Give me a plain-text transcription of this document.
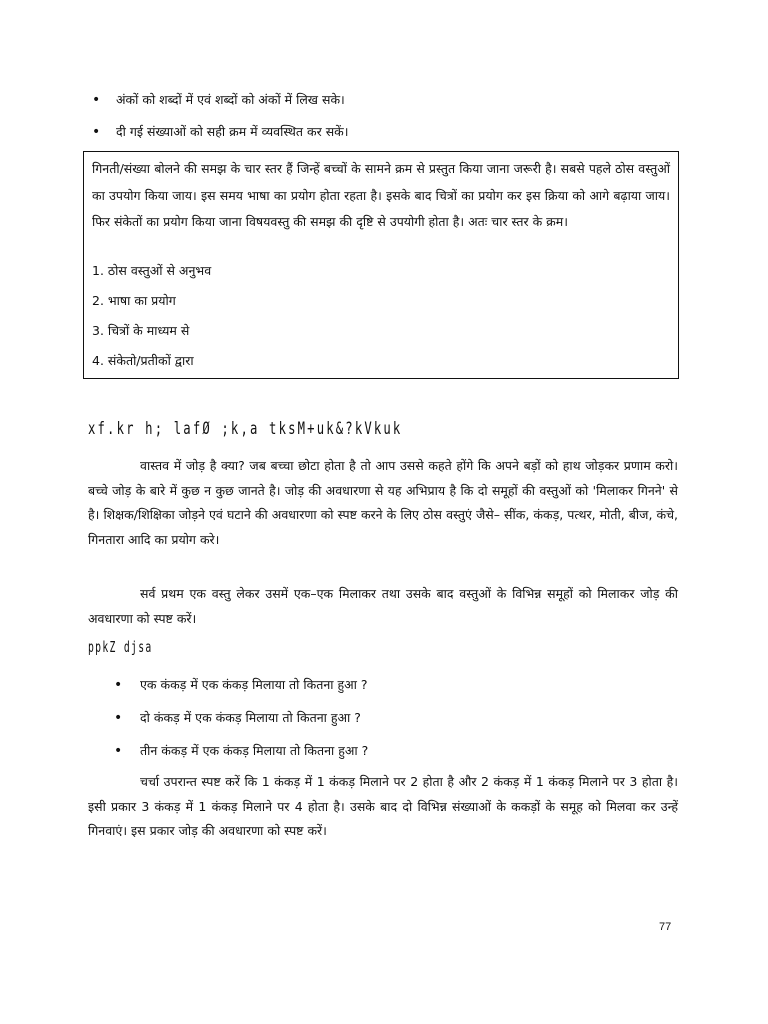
• अंकों को शब्दों में एवं शब्दों को अंकों में लिख सके।
• दी गई संख्याओं को सही क्रम में व्यवस्थित कर सकें।

गिनती/संख्या बोलने की समझ के चार स्तर हैं जिन्हें बच्चों के सामने क्रम से प्रस्तुत किया जाना जरूरी है। सबसे पहले ठोस वस्तुओं का उपयोग किया जाय। इस समय भाषा का प्रयोग होता रहता है। इसके बाद चित्रों का प्रयोग कर इस क्रिया को आगे बढ़ाया जाय। फिर संकेतों का प्रयोग किया जाना विषयवस्तु की समझ की दृष्टि से उपयोगी होता है। अतः चार स्तर के क्रम।

1. ठोस वस्तुओं से अनुभव
2. भाषा का प्रयोग
3. चित्रों के माध्यम से
4. संकेतो/प्रतीकों द्वारा
xf.kr h; lafØ ;k,a tksM+uk&?kVkuk

वास्तव में जोड़ है क्या? जब बच्चा छोटा होता है तो आप उससे कहते होंगे कि अपने बड़ों को हाथ जोड़कर प्रणाम करो। बच्चे जोड़ के बारे में कुछ न कुछ जानते है। जोड़ की अवधारणा से यह अभिप्राय है कि दो समूहों की वस्तुओं को 'मिलाकर गिनने' से है। शिक्षक/शिक्षिका जोड़ने एवं घटाने की अवधारणा को स्पष्ट करने के लिए ठोस वस्तुएं जैसे– सींक, कंकड़, पत्थर, मोती, बीज, कंचे, गिनतारा आदि का प्रयोग करे।

सर्व प्रथम एक वस्तु लेकर उसमें एक–एक मिलाकर तथा उसके बाद वस्तुओं के विभिन्न समूहों को मिलाकर जोड़ की अवधारणा को स्पष्ट करें।

ppkZ djsa
• एक कंकड़ में एक कंकड़ मिलाया तो कितना हुआ ?
• दो कंकड़ में एक कंकड़ मिलाया तो कितना हुआ ?
• तीन कंकड़ में एक कंकड़ मिलाया तो कितना हुआ ?

चर्चा उपरान्त स्पष्ट करें कि 1 कंकड़ में 1 कंकड़ मिलाने पर 2 होता है और 2 कंकड़ में 1 कंकड़ मिलाने पर 3 होता है। इसी प्रकार 3 कंकड़ में 1 कंकड़ मिलाने पर 4 होता है। उसके बाद दो विभिन्न संख्याओं के ककड़ों के समूह को मिलवा कर उन्हें गिनवाएं। इस प्रकार जोड़ की अवधारणा को स्पष्ट करें।

77
